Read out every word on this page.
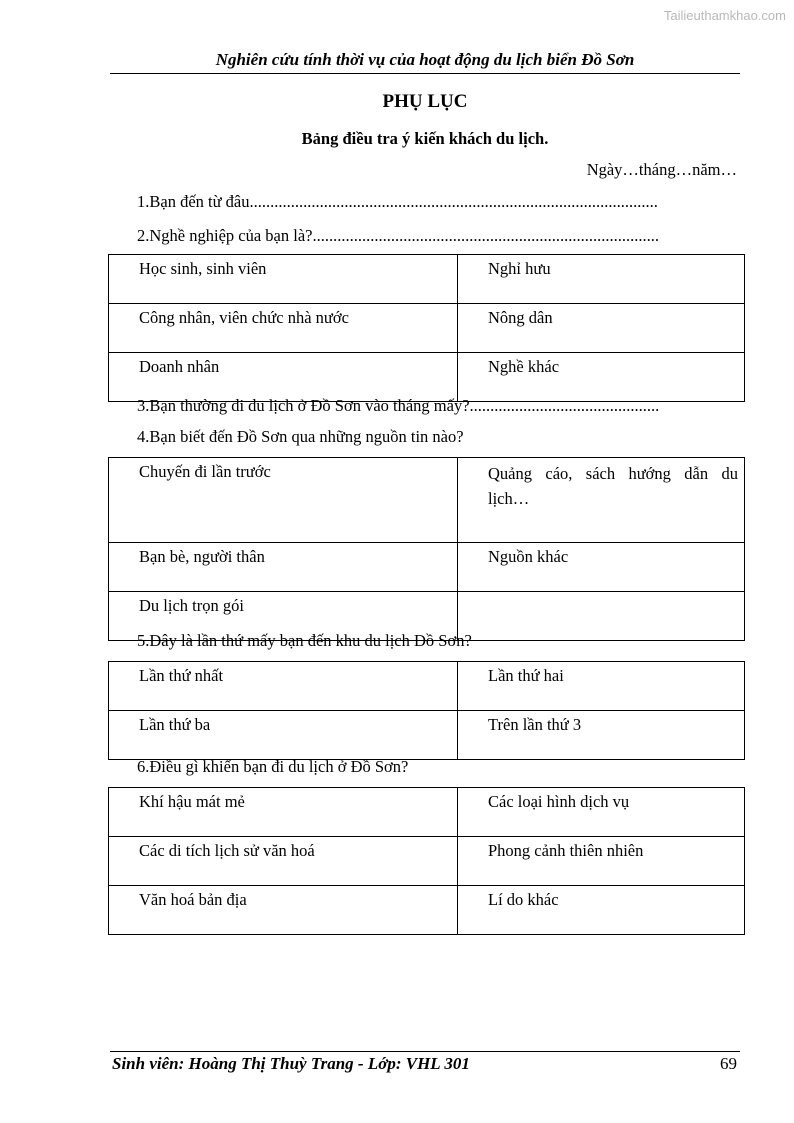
Tailieuthamkhao.com
Nghiên cứu tính thời vụ của hoạt động du lịch biển Đồ Sơn
PHỤ LỤC
Bảng điều tra ý kiến khách du lịch.
Ngày…tháng…năm…
1.Bạn đến từ đâu...................................................................................................
2.Nghề nghiệp của bạn là?....................................................................................
Học sinh, sinh viên	Nghỉ hưu
Công nhân, viên chức nhà nước	Nông dân
Doanh nhân	Nghề khác
3.Bạn thường đi du lịch ở Đồ Sơn vào tháng mấy?..............................................
4.Bạn biết đến Đồ Sơn qua những nguồn tin nào?
Chuyến đi lần trước	Quảng cáo, sách hướng dẫn du
lịch…

Bạn bè, người thân	Nguồn khác
Du lịch trọn gói	
5.Đây là lần thứ mấy bạn đến khu du lịch Đồ Sơn?
Lần thứ nhất	Lần thứ hai
Lần thứ ba	Trên lần thứ 3
6.Điều gì khiến bạn đi du lịch ở Đồ Sơn?
Khí hậu mát mẻ	Các loại hình dịch vụ
Các di tích lịch sử văn hoá	Phong cảnh thiên nhiên
Văn hoá bản địa	Lí do khác
Sinh viên: Hoàng Thị Thuỳ Trang - Lớp: VHL 301	69
